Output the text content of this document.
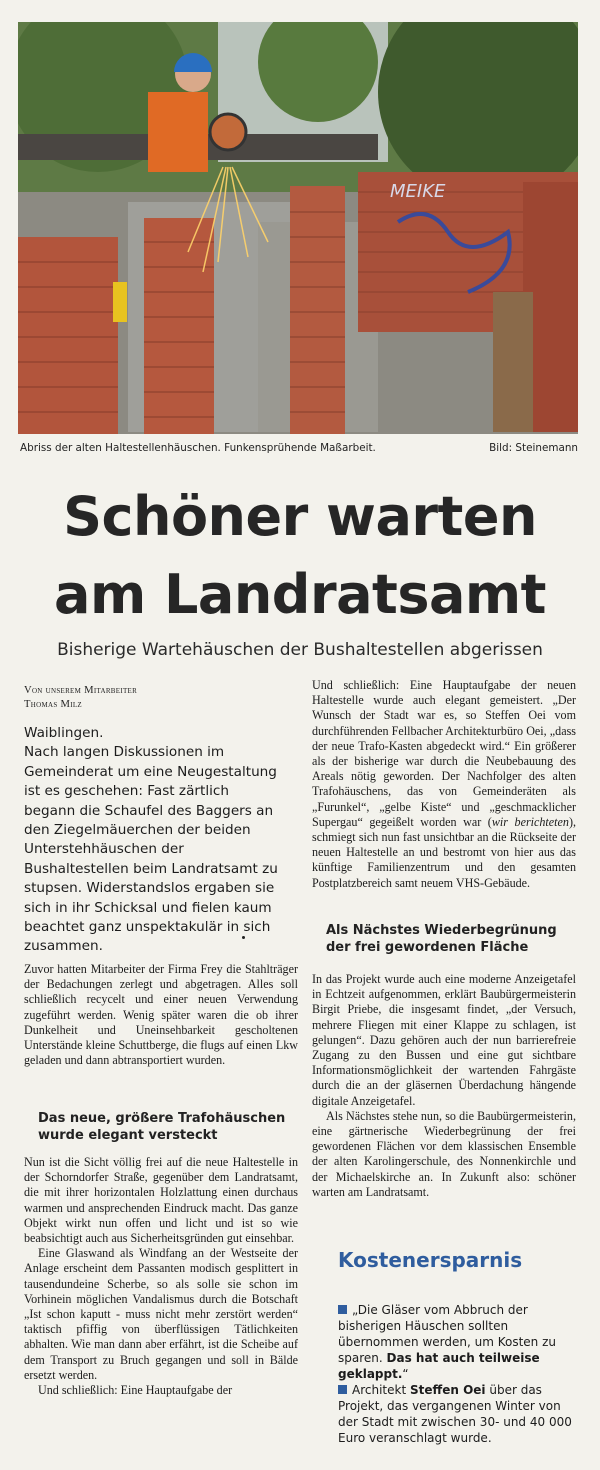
MEIKE
Abriss der alten Haltestellenhäuschen. Funkensprühende Maßarbeit.	Bild: Steinemann
Schöner warten
am Landratsamt
Bisherige Wartehäuschen der Bushaltestellen abgerissen
Von unserem Mitarbeiter
Thomas Milz

Waiblingen.

Nach langen Diskussionen im Gemeinderat um eine Neugestaltung ist es geschehen: Fast zärtlich begann die Schaufel des Baggers an den Ziegelmäuerchen der beiden Unterstehhäuschen der Bushaltestellen beim Landratsamt zu stupsen. Widerstandslos ergaben sie sich in ihr Schicksal und fielen kaum beachtet ganz unspektakulär in sich zusammen.

Zuvor hatten Mitarbeiter der Firma Frey die Stahlträger der Bedachungen zerlegt und abgetragen. Alles soll schließlich recycelt und einer neuen Verwendung zugeführt werden. Wenig später waren die ob ihrer Dunkelheit und Uneinsehbarkeit gescholtenen Unterstände kleine Schuttberge, die flugs auf einen Lkw geladen und dann abtransportiert wurden.

Das neue, größere Trafohäuschen wurde elegant versteckt

Nun ist die Sicht völlig frei auf die neue Haltestelle in der Schorndorfer Straße, gegenüber dem Landratsamt, die mit ihrer horizontalen Holzlattung einen durchaus warmen und ansprechenden Eindruck macht. Das ganze Objekt wirkt nun offen und licht und ist so wie beabsichtigt auch aus Sicherheitsgründen gut einsehbar.

Eine Glaswand als Windfang an der Westseite der Anlage erscheint dem Passanten modisch gesplittert in tausendundeine Scherbe, so als solle sie schon im Vorhinein möglichen Vandalismus durch die Botschaft „Ist schon kaputt - muss nicht mehr zerstört werden“ taktisch pfiffig von überflüssigen Tätlichkeiten abhalten. Wie man dann aber erfährt, ist die Scheibe auf dem Transport zu Bruch gegangen und soll in Bälde ersetzt werden.

Und schließlich: Eine Hauptaufgabe der

Und schließlich: Eine Hauptaufgabe der neuen Haltestelle wurde auch elegant gemeistert. „Der Wunsch der Stadt war es, so Steffen Oei vom durchführenden Fellbacher Architekturbüro Oei, „dass der neue Trafo-Kasten abgedeckt wird.“ Ein größerer als der bisherige war durch die Neubebauung des Areals nötig geworden. Der Nachfolger des alten Trafohäuschens, das von Gemeinderäten als „Furunkel“, „gelbe Kiste“ und „geschmacklicher Supergau“ gegeißelt worden war (wir berichteten), schmiegt sich nun fast unsichtbar an die Rückseite der neuen Haltestelle an und bestromt von hier aus das künftige Familienzentrum und den gesamten Postplatzbereich samt neuem VHS-Gebäude.

Als Nächstes Wiederbegrünung der frei gewordenen Fläche

In das Projekt wurde auch eine moderne Anzeigetafel in Echtzeit aufgenommen, erklärt Baubürgermeisterin Birgit Priebe, die insgesamt findet, „der Versuch, mehrere Fliegen mit einer Klappe zu schlagen, ist gelungen“. Dazu gehören auch der nun barrierefreie Zugang zu den Bussen und eine gut sichtbare Informationsmöglichkeit der wartenden Fahrgäste durch die an der gläsernen Überdachung hängende digitale Anzeigetafel.

Als Nächstes stehe nun, so die Baubürgermeisterin, eine gärtnerische Wiederbegrünung der frei gewordenen Flächen vor dem klassischen Ensemble der alten Karolingerschule, des Nonnenkirchle und der Michaelskirche an. In Zukunft also: schöner warten am Landratsamt.

Kostenersparnis

„Die Gläser vom Abbruch der bisherigen Häuschen sollten übernommen werden, um Kosten zu sparen. Das hat auch teilweise geklappt.“

Architekt Steffen Oei über das Projekt, das vergangenen Winter von der Stadt mit zwischen 30- und 40 000 Euro veranschlagt wurde.
